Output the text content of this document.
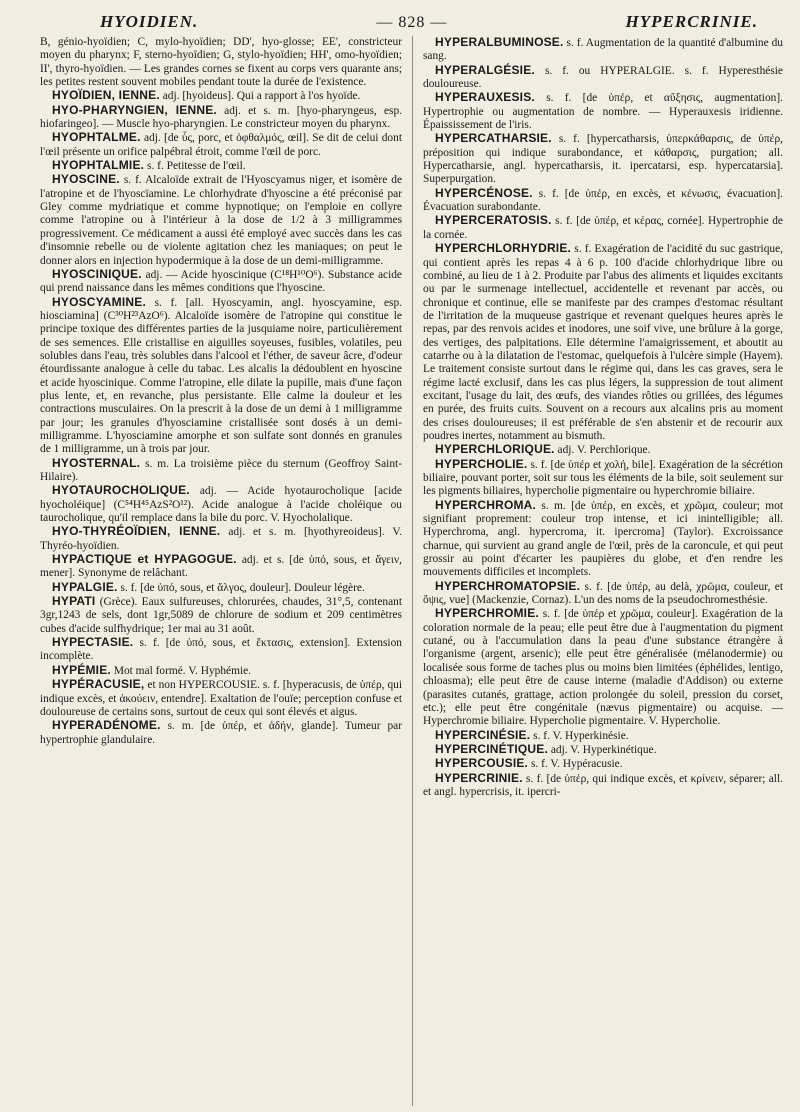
HYOIDIEN.	— 828 —	HYPERCRINIE.

B, génio-hyoïdien; C, mylo-hyoïdien; DD', hyo-glosse; EE', constricteur moyen du pharynx; F, sterno-hyoïdien; G, stylo-hyoïdien; HH', omo-hyoïdien; II', thyro-hyoïdien. — Les grandes cornes se fixent au corps vers quarante ans; les petites restent souvent mobiles pendant toute la durée de l'existence.

HYOÏDIEN, IENNE. adj. [hyoideus]. Qui a rapport à l'os hyoïde.

HYO-PHARYNGIEN, IENNE. adj. et s. m. [hyo-pharyngeus, esp. hiofaringeo]. — Muscle hyo-pharyngien. Le constricteur moyen du pharynx.

HYOPHTALME. adj. [de ὗς, porc, et ὀφθαλμός, œil]. Se dit de celui dont l'œil présente un orifice palpébral étroit, comme l'œil de porc.

HYOPHTALMIE. s. f. Petitesse de l'œil.

HYOSCINE. s. f. Alcaloïde extrait de l'Hyoscyamus niger, et isomère de l'atropine et de l'hyoscïamine. Le chlorhydrate d'hyoscine a été préconisé par Gley comme mydriatique et comme hypnotique; on l'emploie en collyre comme l'atropine ou à l'intérieur à la dose de 1/2 à 3 milligrammes progressivement. Ce médicament a aussi été employé avec succès dans les cas d'insomnie rebelle ou de violente agitation chez les maniaques; on peut le donner alors en injection hypodermique à la dose de un demi-milligramme.

HYOSCINIQUE. adj. — Acide hyoscinique (C¹⁸H¹⁰O⁶). Substance acide qui prend naissance dans les mêmes conditions que l'hyoscine.

HYOSCYAMINE. s. f. [all. Hyoscyamin, angl. hyoscyamine, esp. hiosciamina] (C³⁰H²³AzO⁶). Alcaloïde isomère de l'atropine qui constitue le principe toxique des différentes parties de la jusquiame noire, particulièrement de ses semences. Elle cristallise en aiguilles soyeuses, fusibles, volatiles, peu solubles dans l'eau, très solubles dans l'alcool et l'éther, de saveur âcre, d'odeur étourdissante analogue à celle du tabac. Les alcalis la dédoublent en hyoscine et acide hyoscinique. Comme l'atropine, elle dilate la pupille, mais d'une façon plus lente, et, en revanche, plus persistante. Elle calme la douleur et les contractions musculaires. On la prescrit à la dose de un demi à 1 milligramme par jour; les granules d'hyosciamine cristallisée sont dosés à un demi-milligramme. L'hyosciamine amorphe et son sulfate sont donnés en granules de 1 milligramme, un à trois par jour.

HYOSTERNAL. s. m. La troisième pièce du sternum (Geoffroy Saint-Hilaire).

HYOTAUROCHOLIQUE. adj. — Acide hyotaurocholique [acide hyocholéique] (C⁵⁴H⁴⁵AzS²O¹²). Acide analogue à l'acide choléique ou taurocholique, qu'il remplace dans la bile du porc. V. Hyocholalique.

HYO-THYRÉOÏDIEN, IENNE. adj. et s. m. [hyothyreoideus]. V. Thyréo-hyoïdien.

HYPACTIQUE et HYPAGOGUE. adj. et s. [de ὑπό, sous, et ἄγειν, mener]. Synonyme de relâchant.

HYPALGIE. s. f. [de ὑπό, sous, et ἄλγος, douleur]. Douleur légère.

HYPATI (Grèce). Eaux sulfureuses, chlorurées, chaudes, 31°,5, contenant 3gr,1243 de sels, dont 1gr,5089 de chlorure de sodium et 209 centimètres cubes d'acide sulfhydrique; 1er mai au 31 août.

HYPECTASIE. s. f. [de ὑπό, sous, et ἔκτασις, extension]. Extension incomplète.

HYPÉMIE. Mot mal formé. V. Hyphémie.

HYPÉRACUSIE, et non HYPERCOUSIE. s. f. [hyperacusis, de ὑπέρ, qui indique excès, et ἀκούειν, entendre]. Exaltation de l'ouïe; perception confuse et douloureuse de certains sons, surtout de ceux qui sont élevés et aigus.

HYPERADÉNOME. s. m. [de ὑπέρ, et ἀδήν, glande]. Tumeur par hypertrophie glandulaire.

HYPERALBUMINOSE. s. f. Augmentation de la quantité d'albumine du sang.

HYPERALGÉSIE. s. f. ou HYPERALGIE. s. f. Hyperesthésie douloureuse.

HYPERAUXESIS. s. f. [de ὑπέρ, et αὔξησις, augmentation]. Hypertrophie ou augmentation de nombre. — Hyperauxesis iridienne. Épaississement de l'iris.

HYPERCATHARSIE. s. f. [hypercatharsis, ὑπερκάθαρσις, de ὑπέρ, préposition qui indique surabondance, et κάθαρσις, purgation; all. Hypercatharsie, angl. hypercatharsis, it. ipercatarsi, esp. hypercatarsia]. Superpurgation.

HYPERCÉNOSE. s. f. [de ὑπέρ, en excès, et κένωσις, évacuation]. Évacuation surabondante.

HYPERCERATOSIS. s. f. [de ὑπέρ, et κέρας, cornée]. Hypertrophie de la cornée.

HYPERCHLORHYDRIE. s. f. Exagération de l'acidité du suc gastrique, qui contient après les repas 4 à 6 p. 100 d'acide chlorhydrique libre ou combiné, au lieu de 1 à 2. Produite par l'abus des aliments et liquides excitants ou par le surmenage intellectuel, accidentelle et revenant par accès, ou chronique et continue, elle se manifeste par des crampes d'estomac résultant de l'irritation de la muqueuse gastrique et revenant quelques heures après le repas, par des renvois acides et inodores, une soif vive, une brûlure à la gorge, des vertiges, des palpitations. Elle détermine l'amaigrissement, et aboutit au catarrhe ou à la dilatation de l'estomac, quelquefois à l'ulcère simple (Hayem). Le traitement consiste surtout dans le régime qui, dans les cas graves, sera le régime lacté exclusif, dans les cas plus légers, la suppression de tout aliment excitant, l'usage du lait, des œufs, des viandes rôties ou grillées, des légumes en purée, des fruits cuits. Souvent on a recours aux alcalins pris au moment des crises douloureuses; il est préférable de s'en abstenir et de recourir aux poudres inertes, notamment au bismuth.

HYPERCHLORIQUE. adj. V. Perchlorique.

HYPERCHOLIE. s. f. [de ὑπέρ et χολή, bile]. Exagération de la sécrétion biliaire, pouvant porter, soit sur tous les éléments de la bile, soit seulement sur les pigments biliaires, hypercholie pigmentaire ou hyperchromie biliaire.

HYPERCHROMA. s. m. [de ὑπέρ, en excès, et χρῶμα, couleur; mot signifiant proprement: couleur trop intense, et ici inintelligible; all. Hyperchroma, angl. hypercroma, it. ipercroma] (Taylor). Excroissance charnue, qui survient au grand angle de l'œil, près de la caroncule, et qui peut grossir au point d'écarter les paupières du globe, et d'en rendre les mouvements difficiles et incomplets.

HYPERCHROMATOPSIE. s. f. [de ὑπέρ, au delà, χρῶμα, couleur, et ὄψις, vue] (Mackenzie, Cornaz). L'un des noms de la pseudochromesthésie.

HYPERCHROMIE. s. f. [de ὑπέρ et χρῶμα, couleur]. Exagération de la coloration normale de la peau; elle peut être due à l'augmentation du pigment cutané, ou à l'accumulation dans la peau d'une substance étrangère à l'organisme (argent, arsenic); elle peut être généralisée (mélanodermie) ou localisée sous forme de taches plus ou moins bien limitées (éphélides, lentigo, chloasma); elle peut être de cause interne (maladie d'Addison) ou externe (parasites cutanés, grattage, action prolongée du soleil, pression du corset, etc.); elle peut être congénitale (nævus pigmentaire) ou acquise. — Hyperchromie biliaire. Hypercholie pigmentaire. V. Hypercholie.

HYPERCINÉSIE. s. f. V. Hyperkinésie.

HYPERCINÉTIQUE. adj. V. Hyperkinétique.

HYPERCOUSIE. s. f. V. Hypéracusie.

HYPERCRINIE. s. f. [de ὑπέρ, qui indique excès, et κρίνειν, séparer; all. et angl. hypercrisis, it. ipercri-
